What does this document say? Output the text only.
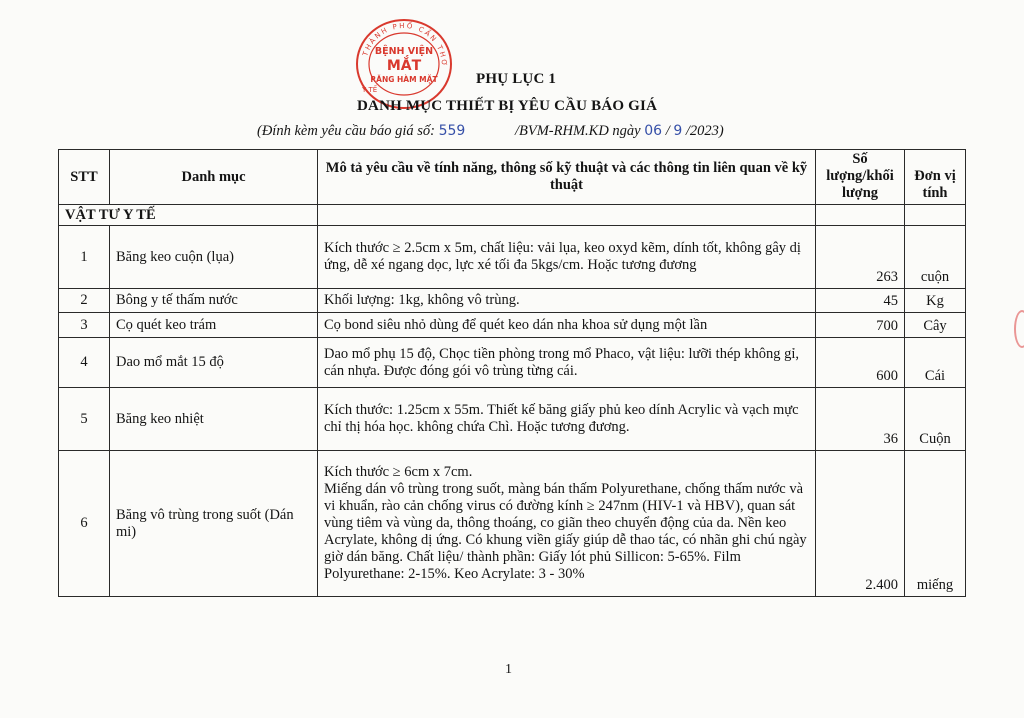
THÀNH PHỐ CẦN THƠ
Y TẾ
BỆNH VIỆN
MẮT
RĂNG HÀM MẶT	PHỤ LỤC 1
DANH MỤC THIẾT BỊ YÊU CẦU BÁO GIÁ
(Đính kèm yêu cầu báo giá số: 559	/BVM-RHM.KD ngày 06 / 9 /2023)
STT	Danh mục	Mô tả yêu cầu về tính năng, thông số kỹ thuật và các thông tin liên quan về kỹ thuật	Số lượng/khối lượng	Đơn vị tính
VẬT TƯ Y TẾ				
1	Băng keo cuộn (lụa)	Kích thước ≥ 2.5cm x 5m, chất liệu: vải lụa, keo oxyd kẽm, dính tốt, không gây dị ứng, dễ xé ngang dọc, lực xé tối đa 5kgs/cm. Hoặc tương đương	263	cuộn
2	Bông y tế thấm nước	Khối lượng: 1kg, không vô trùng.	45	Kg
3	Cọ quét keo trám	Cọ bond siêu nhỏ dùng để quét keo dán nha khoa sử dụng một lần	700	Cây
4	Dao mổ mắt 15 độ	Dao mổ phụ 15 độ, Chọc tiền phòng trong mổ Phaco, vật liệu: lưỡi thép không gỉ, cán nhựa. Được đóng gói vô trùng từng cái.	600	Cái
5	Băng keo nhiệt	Kích thước: 1.25cm x 55m. Thiết kế băng giấy phủ keo dính Acrylic và vạch mực chỉ thị hóa học. không chứa Chì. Hoặc tương đương.	36	Cuộn
6	Băng vô trùng trong suốt (Dán mi)	Kích thước ≥ 6cm x 7cm.
Miếng dán vô trùng trong suốt, màng bán thấm Polyurethane, chống thấm nước và vi khuẩn, rào cản chống virus có đường kính ≥ 247nm (HIV-1 và HBV), quan sát vùng tiêm và vùng da, thông thoáng, co giãn theo chuyển động của da. Nền keo Acrylate, không dị ứng. Có khung viền giấy giúp dễ thao tác, có nhãn ghi chú ngày giờ dán băng. Chất liệu/ thành phần: Giấy lót phủ Sillicon: 5-65%. Film Polyurethane: 2-15%. Keo Acrylate: 3 - 30%	2.400	miếng
1
